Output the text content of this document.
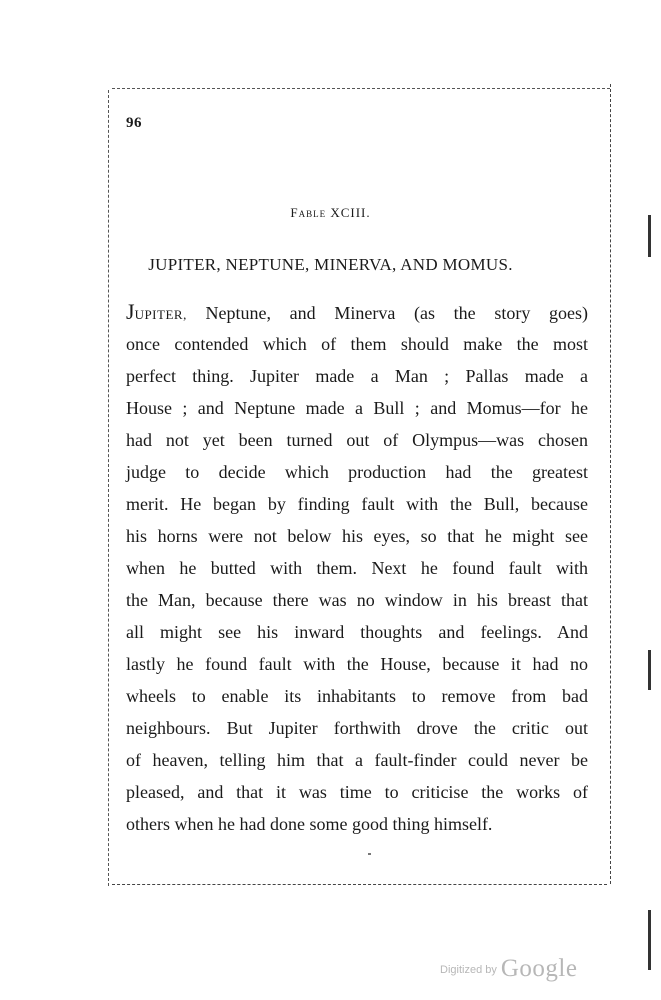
96
Fable XCIII.
JUPITER, NEPTUNE, MINERVA, AND MOMUS.
JUPITER, Neptune, and Minerva (as the story goes)
once contended which of them should make the most
perfect thing. Jupiter made a Man ; Pallas made a
House ; and Neptune made a Bull ; and Momus—for he
had not yet been turned out of Olympus—was chosen
judge to decide which production had the greatest
merit. He began by finding fault with the Bull, because
his horns were not below his eyes, so that he might see
when he butted with them. Next he found fault with
the Man, because there was no window in his breast that
all might see his inward thoughts and feelings. And
lastly he found fault with the House, because it had no
wheels to enable its inhabitants to remove from bad
neighbours. But Jupiter forthwith drove the critic out
of heaven, telling him that a fault-finder could never be
pleased, and that it was time to criticise the works of
others when he had done some good thing himself.
Digitized by Google
